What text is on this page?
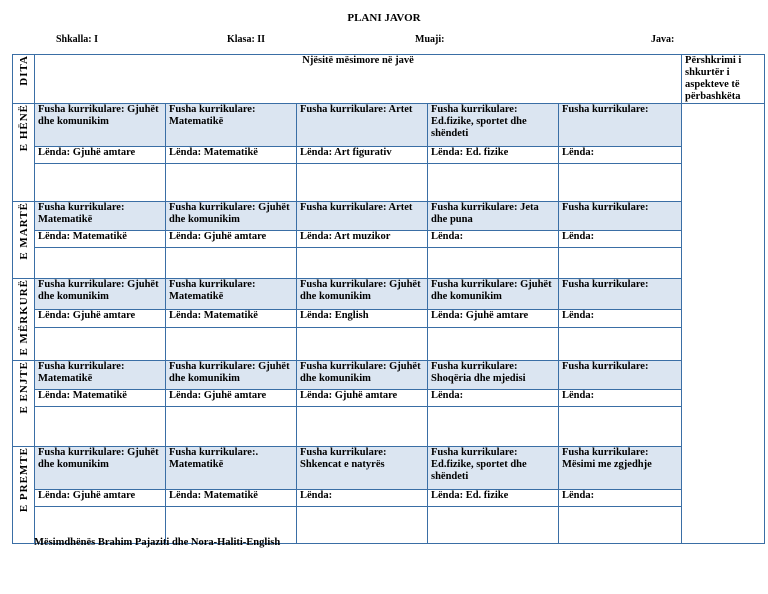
PLANI JAVOR
Shkalla: I	Klasa: II	Muaji:	Java:
DITA	Njësitë mësimore në javë					Përshkrimi i shkurtër i aspekteve të përbashkëta
E HËNË	Fusha kurrikulare: Gjuhët dhe komunikim	Fusha kurrikulare: Matematikë	Fusha kurrikulare: Artet	Fusha kurrikulare: Ed.fizike, sportet dhe shëndeti	Fusha kurrikulare:	
	Lënda: Gjuhë amtare	Lënda: Matematikë	Lënda: Art figurativ	Lënda: Ed. fizike	Lënda:	

E MARTË	Fusha kurrikulare: Matematikë	Fusha kurrikulare: Gjuhët dhe komunikim	Fusha kurrikulare: Artet	Fusha kurrikulare: Jeta dhe puna	Fusha kurrikulare:	
	Lënda: Matematikë	Lënda: Gjuhë amtare	Lënda: Art muzikor	Lënda:	Lënda:	

E MËRKURË	Fusha kurrikulare: Gjuhët dhe komunikim	Fusha kurrikulare: Matematikë	Fusha kurrikulare: Gjuhët dhe komunikim	Fusha kurrikulare: Gjuhët dhe komunikim	Fusha kurrikulare:	
	Lënda: Gjuhë amtare	Lënda: Matematikë	Lënda: English	Lënda: Gjuhë amtare	Lënda:	

E ENJTE	Fusha kurrikulare: Matematikë	Fusha kurrikulare: Gjuhët dhe komunikim	Fusha kurrikulare: Gjuhët dhe komunikim	Fusha kurrikulare: Shoqëria dhe mjedisi	Fusha kurrikulare:	
	Lënda: Matematikë	Lënda: Gjuhë amtare	Lënda: Gjuhë amtare	Lënda:	Lënda:	

E PREMTE	Fusha kurrikulare: Gjuhët dhe komunikim	Fusha kurrikulare:. Matematikë	Fusha kurrikulare: Shkencat e natyrës	Fusha kurrikulare: Ed.fizike, sportet dhe shëndeti	Fusha kurrikulare: Mësimi me zgjedhje	
	Lënda: Gjuhë amtare	Lënda: Matematikë	Lënda:	Lënda: Ed. fizike	Lënda:	

Mësimdhënës Brahim Pajaziti dhe Nora-Haliti-English
